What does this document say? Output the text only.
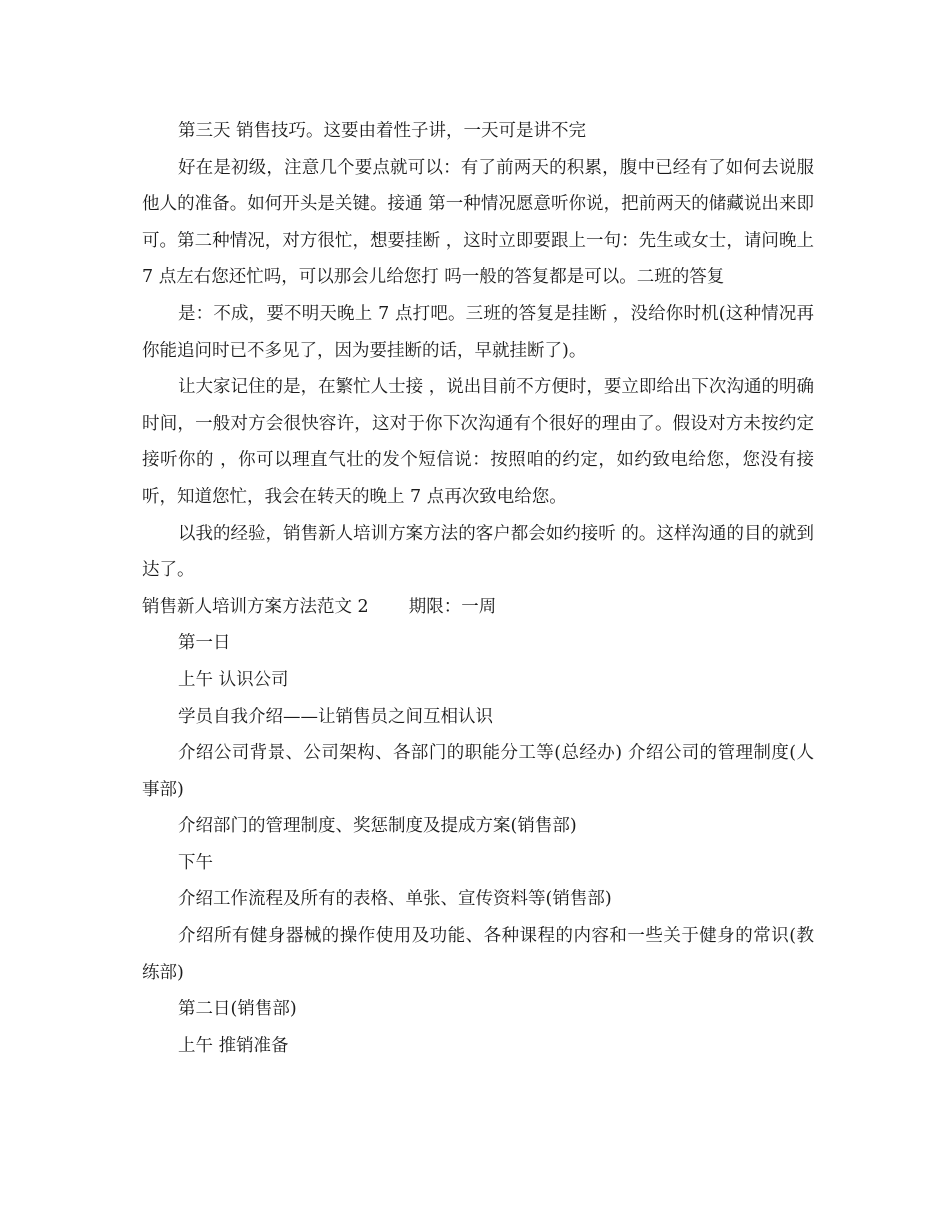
第三天 销售技巧。这要由着性子讲，一天可是讲不完

好在是初级，注意几个要点就可以：有了前两天的积累，腹中已经有了如何去说服他人的准备。如何开头是关键。接通 第一种情况愿意听你说，把前两天的储藏说出来即可。第二种情况，对方很忙，想要挂断 ，这时立即要跟上一句：先生或女士，请问晚上 7 点左右您还忙吗，可以那会儿给您打 吗一般的答复都是可以。二班的答复

是：不成，要不明天晚上 7 点打吧。三班的答复是挂断 ，没给你时机(这种情况再你能追问时已不多见了，因为要挂断的话，早就挂断了)。

让大家记住的是，在繁忙人士接 ，说出目前不方便时，要立即给出下次沟通的明确时间，一般对方会很快容许，这对于你下次沟通有个很好的理由了。假设对方未按约定接听你的 ，你可以理直气壮的发个短信说：按照咱的约定，如约致电给您，您没有接听，知道您忙，我会在转天的晚上 7 点再次致电给您。

以我的经验，销售新人培训方案方法的客户都会如约接听 的。这样沟通的目的就到达了。

销售新人培训方案方法范文 2 期限：一周

第一日

上午 认识公司

学员自我介绍——让销售员之间互相认识

介绍公司背景、公司架构、各部门的职能分工等(总经办) 介绍公司的管理制度(人事部)

介绍部门的管理制度、奖惩制度及提成方案(销售部)

下午

介绍工作流程及所有的表格、单张、宣传资料等(销售部)

介绍所有健身器械的操作使用及功能、各种课程的内容和一些关于健身的常识(教练部)

第二日(销售部)

上午 推销准备
